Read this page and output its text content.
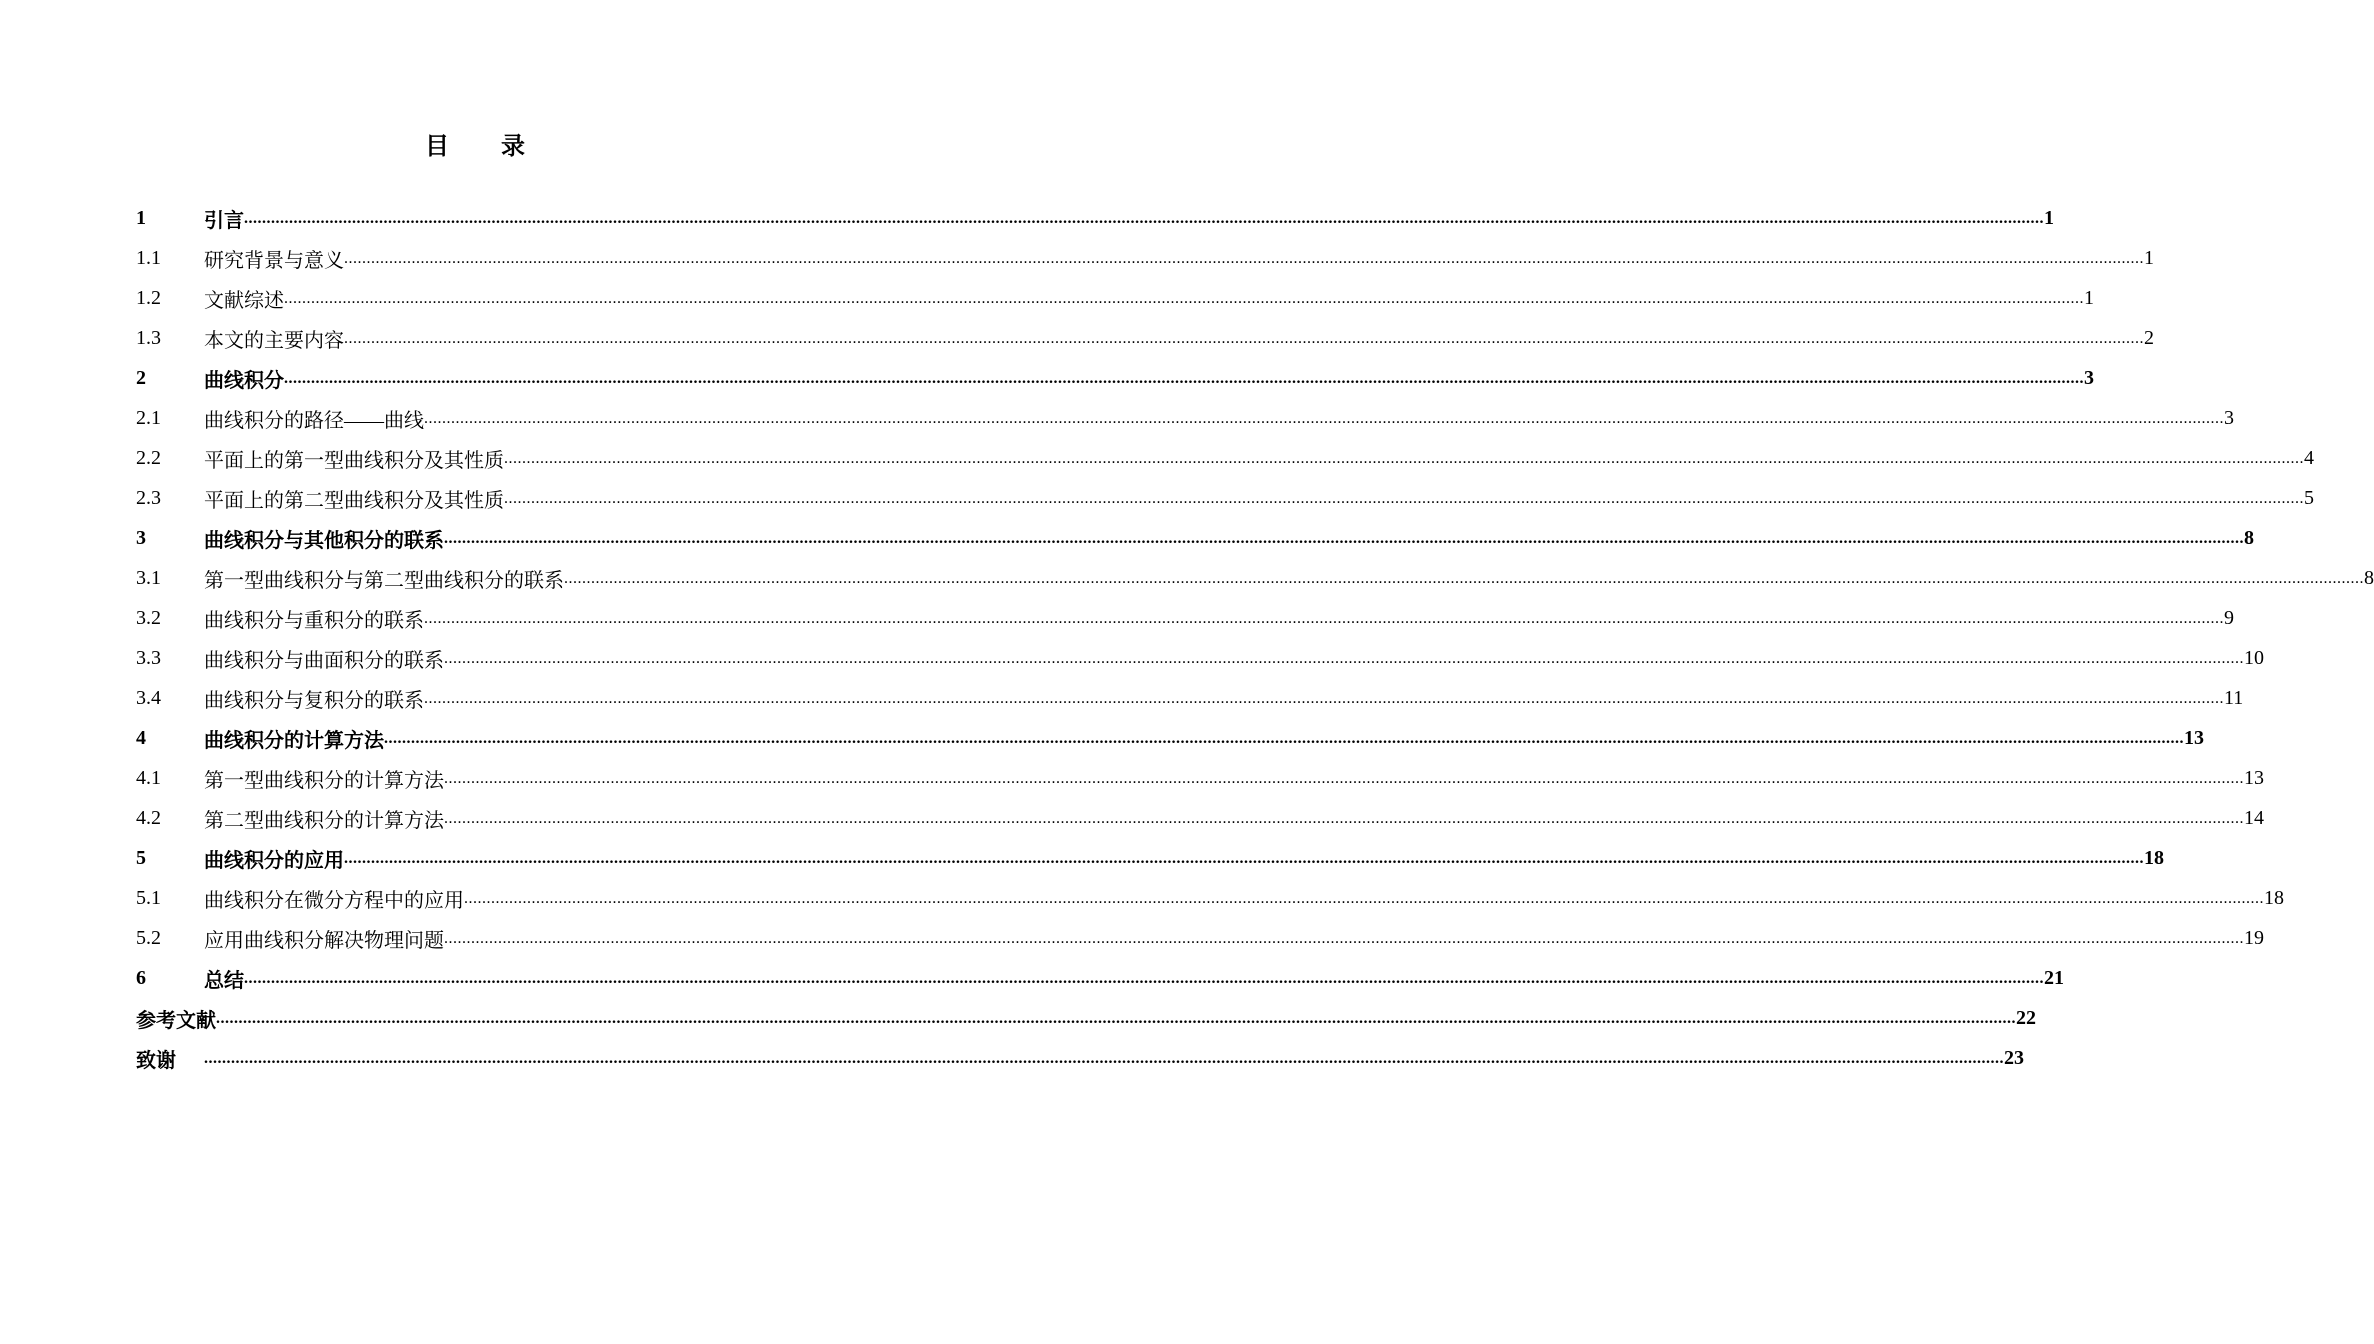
目 录
1	引言 ................................................................................................................................................................................................................................................................................................................................................................................................................ 1
1.1	研究背景与意义 ................................................................................................................................................................................................................................................................................................................................................................................................................ 1
1.2	文献综述 ................................................................................................................................................................................................................................................................................................................................................................................................................ 1
1.3	本文的主要内容 ................................................................................................................................................................................................................................................................................................................................................................................................................ 2
2	曲线积分 ................................................................................................................................................................................................................................................................................................................................................................................................................ 3
2.1	曲线积分的路径——曲线 ................................................................................................................................................................................................................................................................................................................................................................................................................ 3
2.2	平面上的第一型曲线积分及其性质 ................................................................................................................................................................................................................................................................................................................................................................................................................ 4
2.3	平面上的第二型曲线积分及其性质 ................................................................................................................................................................................................................................................................................................................................................................................................................ 5
3	曲线积分与其他积分的联系 ................................................................................................................................................................................................................................................................................................................................................................................................................ 8
3.1	第一型曲线积分与第二型曲线积分的联系 ................................................................................................................................................................................................................................................................................................................................................................................................................ 8
3.2	曲线积分与重积分的联系 ................................................................................................................................................................................................................................................................................................................................................................................................................ 9
3.3	曲线积分与曲面积分的联系 ................................................................................................................................................................................................................................................................................................................................................................................................................ 10
3.4	曲线积分与复积分的联系 ................................................................................................................................................................................................................................................................................................................................................................................................................ 11
4	曲线积分的计算方法 ................................................................................................................................................................................................................................................................................................................................................................................................................ 13
4.1	第一型曲线积分的计算方法 ................................................................................................................................................................................................................................................................................................................................................................................................................ 13
4.2	第二型曲线积分的计算方法 ................................................................................................................................................................................................................................................................................................................................................................................................................ 14
5	曲线积分的应用 ................................................................................................................................................................................................................................................................................................................................................................................................................ 18
5.1	曲线积分在微分方程中的应用 ................................................................................................................................................................................................................................................................................................................................................................................................................ 18
5.2	应用曲线积分解决物理问题 ................................................................................................................................................................................................................................................................................................................................................................................................................ 19
6	总结 ................................................................................................................................................................................................................................................................................................................................................................................................................ 21
参考文献 ................................................................................................................................................................................................................................................................................................................................................................................................................ 22
致谢	................................................................................................................................................................................................................................................................................................................................................................................................................ 23
